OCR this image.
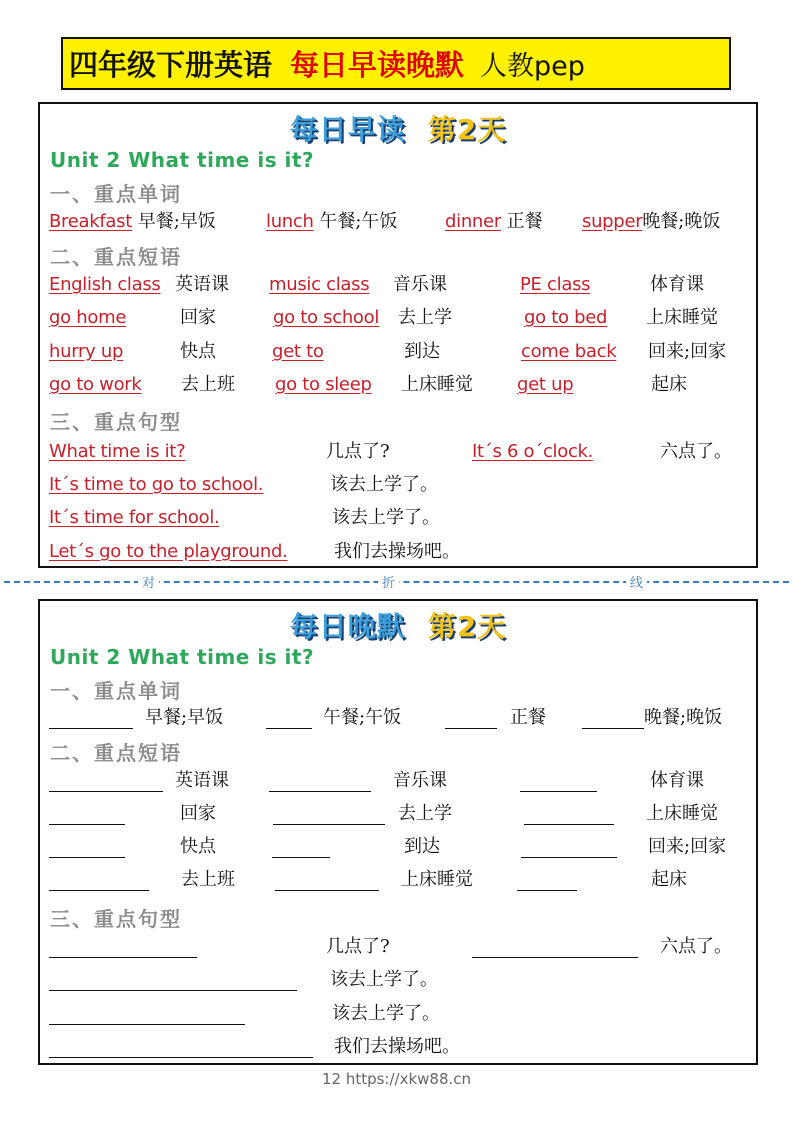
四年级下册英语 每日早读晚默 人教pep
每日早读 第2天
Unit 2 What time is it?
一、重点单词
Breakfast 早餐;早饭	lunch 午餐;午饭	dinner 正餐 supper晚餐;晚饭
二、重点短语
English class 英语课 music class 音乐课	PE class	体育课
go home	回家	go to school 去上学	go to bed 上床睡觉
hurry up	快点	get to	到达	come back 回来;回家
go to work 去上班 go to sleep 上床睡觉 get up	起床
三、重点句型
What time is it?	几点了?	It´s 6 o´clock.	六点了。
It´s time to go to school.	该去上学了。
It´s time for school.	该去上学了。
Let´s go to the playground.	我们去操场吧。
对	折	线
每日晚默 第2天
Unit 2 What time is it?
一、重点单词
早餐;早饭	午餐;午饭	正餐	晚餐;晚饭
二、重点短语
英语课	音乐课	体育课
回家	去上学	上床睡觉
快点	到达	回来;回家
去上班	上床睡觉	起床
三、重点句型
几点了?	六点了。
该去上学了。
该去上学了。
我们去操场吧。
12 https://xkw88.cn
